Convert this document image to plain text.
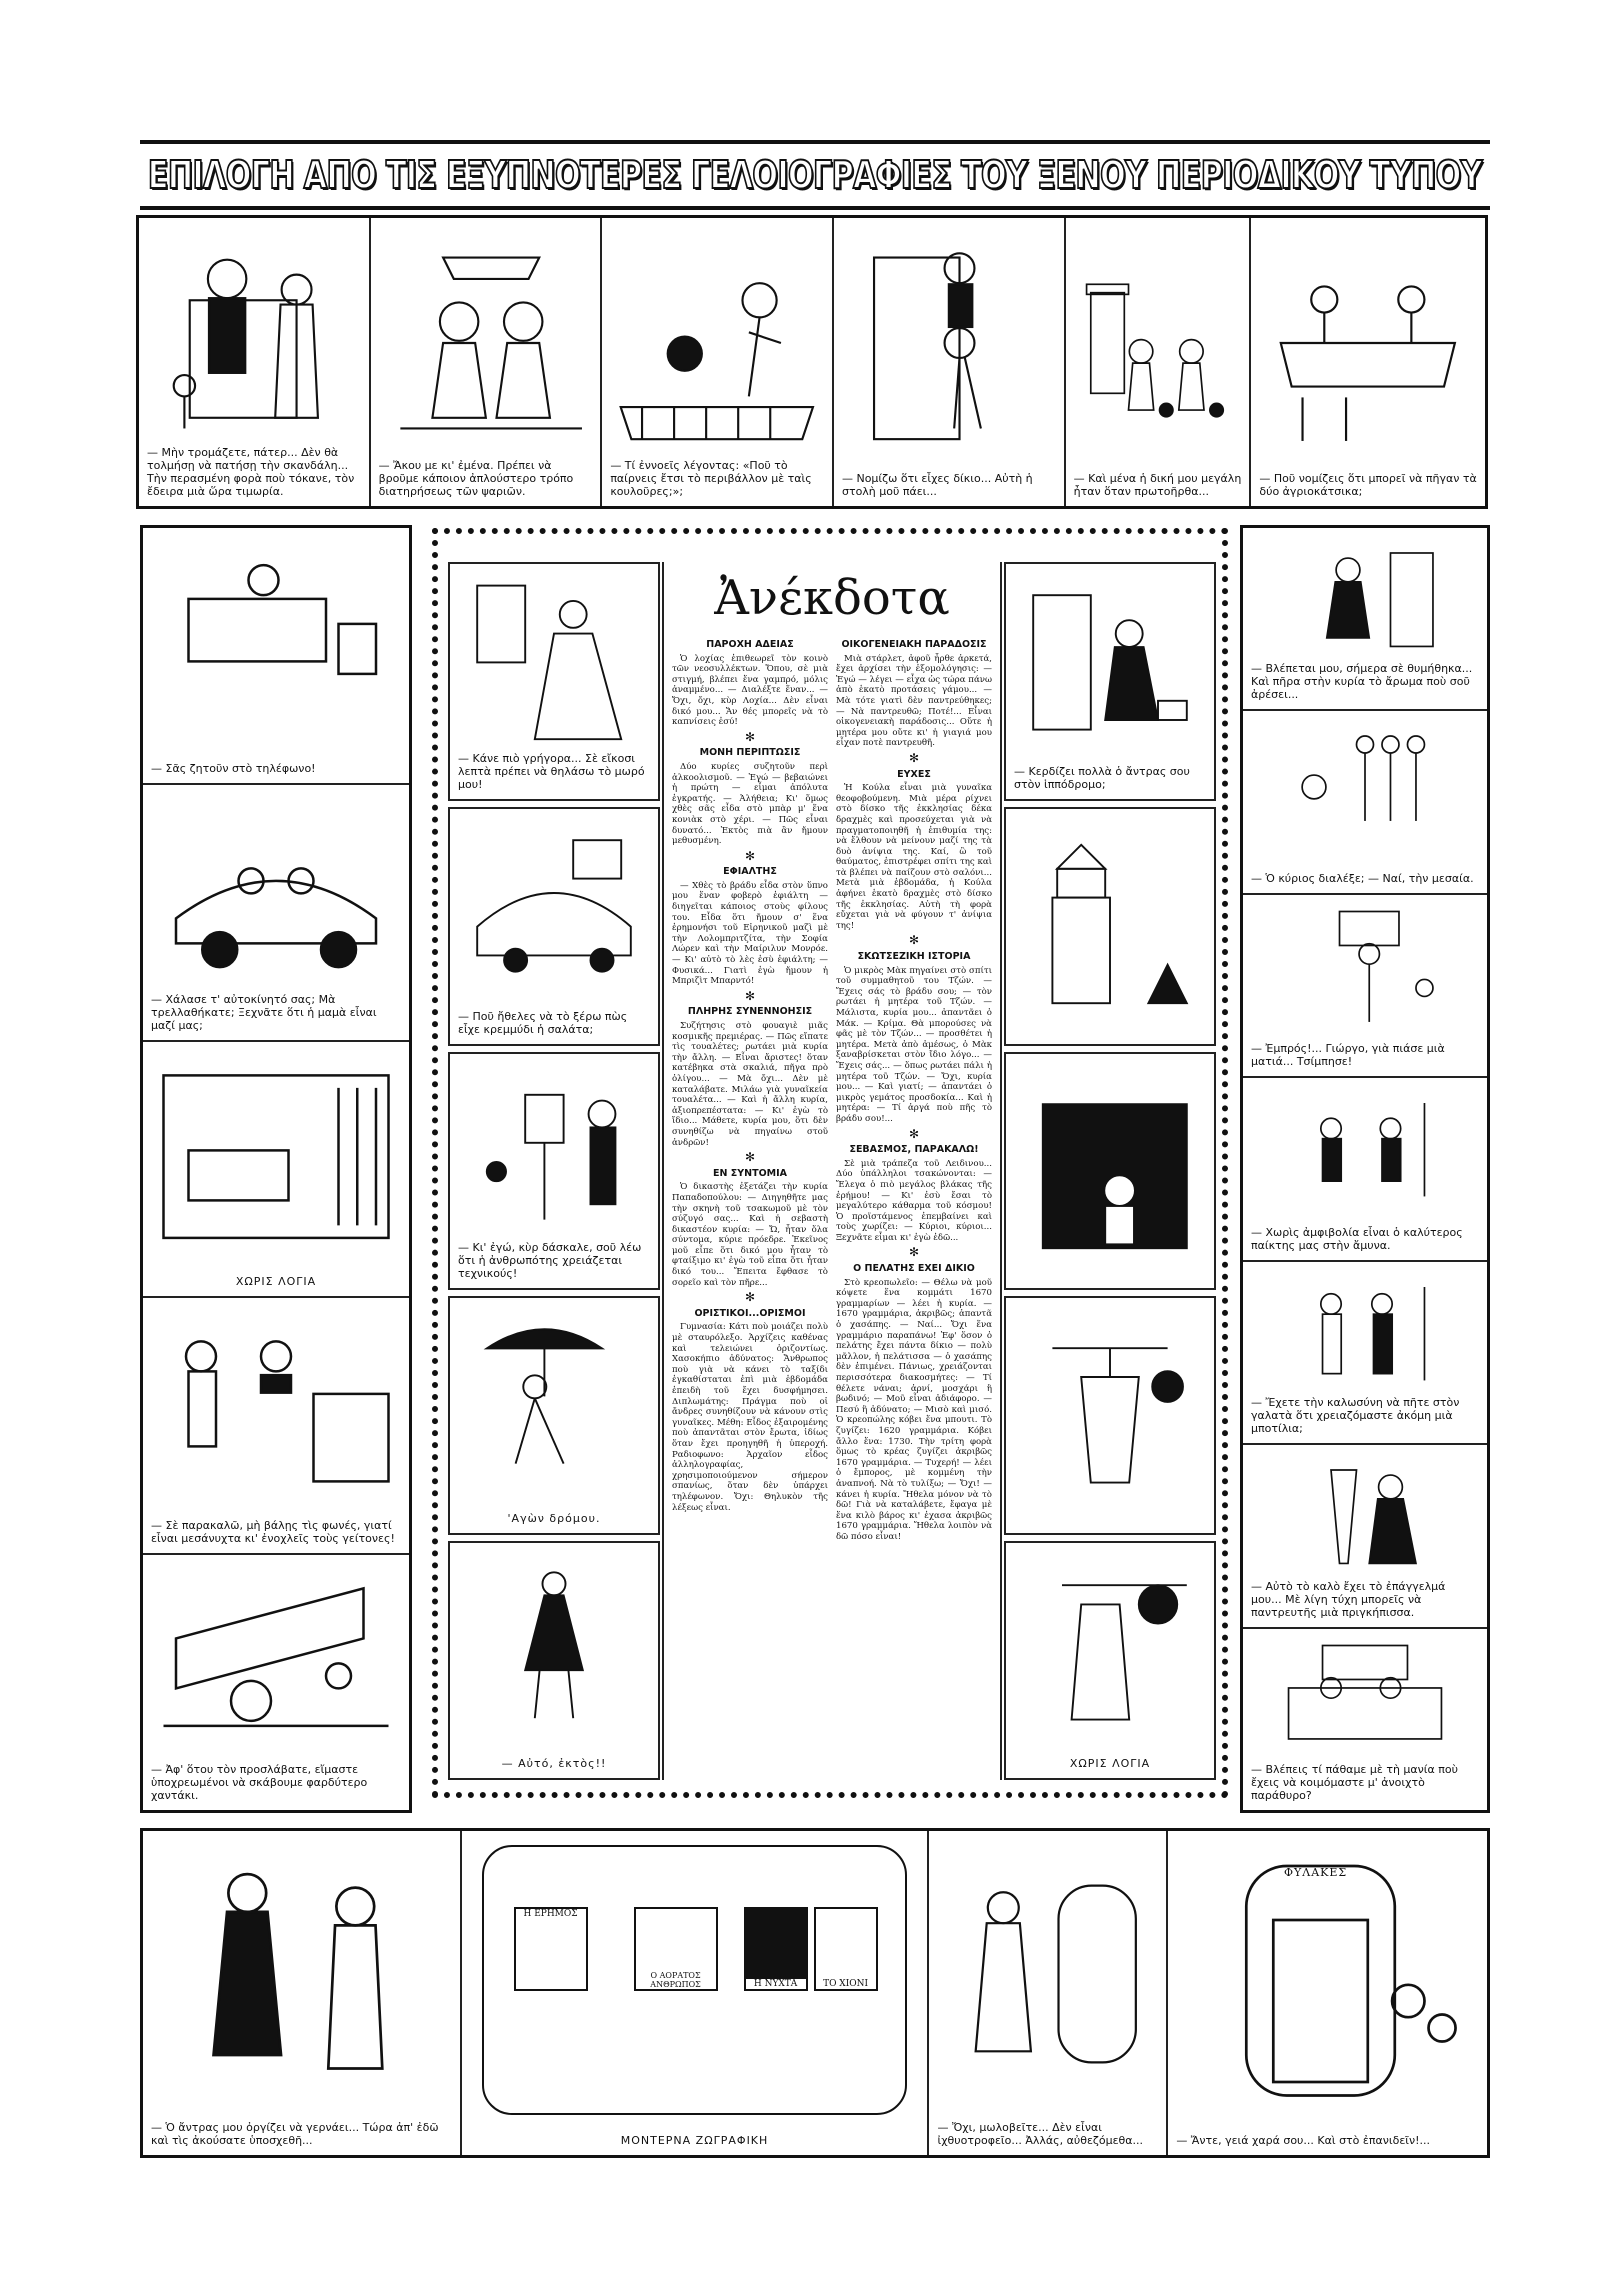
ΕΠΙΛΟΓΗ ΑΠΟ ΤΙΣ ΕΞΥΠΝΟΤΕΡΕΣ ΓΕΛΟΙΟΓΡΑΦΙΕΣ ΤΟΥ ΞΕΝΟΥ ΠΕΡΙΟΔΙΚΟΥ ΤΥΠΟΥ
— Μὴν τρομάζετε, πάτερ... Δὲν θὰ τολμήσῃ νὰ πατήσῃ τὴν σκανδάλη... Τὴν περασμένη φορὰ ποὺ τόκανε, τὸν ἔδειρα μιὰ ὥρα τιμωρία.
— Ἄκου με κι' ἐμένα. Πρέπει νὰ βροῦμε κάποιον ἀπλούστερο τρόπο διατηρήσεως τῶν ψαριῶν.
— Τί ἐννοεῖς λέγοντας: «Ποῦ τὸ παίρνεις ἔτσι τὸ περιβάλλον μὲ ταὶς κουλοῦρες;»;
— Νομίζω ὅτι εἶχες δίκιο... Αὐτὴ ἡ στολὴ μοῦ πάει...
— Καὶ μένα ἡ δική μου μεγάλη ἦταν ὅταν πρωτοῆρθα...
— Ποῦ νομίζεις ὅτι μπορεῖ νὰ πῆγαν τὰ δύο ἀγριοκάτσικα;
— Σᾶς ζητοῦν στὸ τηλέφωνο!
— Χάλασε τ' αὐτοκίνητό σας; Μὰ τρελλαθήκατε; Ξεχνᾶτε ὅτι ἡ μαμὰ εἶναι μαζί μας;
ΧΩΡΙΣ ΛΟΓΙΑ
— Σὲ παρακαλῶ, μὴ βάλῃς τὶς φωνές, γιατί εἶναι μεσάνυχτα κι' ἐνοχλεῖς τοὺς γείτονες!
— Ἀφ' ὅτου τὸν προσλάβατε, εἴμαστε ὑποχρεωμένοι νὰ σκάβουμε φαρδύτερο χαντάκι.
— Κάνε πιὸ γρήγορα... Σὲ εἴκοσι λεπτὰ πρέπει νὰ θηλάσω τὸ μωρό μου!
— Ποῦ ἤθελες νὰ τὸ ξέρω πὼς εἶχε κρεμμύδι ἡ σαλάτα;
— Κι' ἐγώ, κὺρ δάσκαλε, σοῦ λέω ὅτι ἡ ἀνθρωπότης χρειάζεται τεχνικούς!
'Αγὼν δρόμου.
— Αὐτό, ἐκτὸς!!
Ἀνέκδοτα
ΠΑΡΟΧΗ ΑΔΕΙΑΣ

Ὁ λοχίας ἐπιθεωρεῖ τὸν κοινὸ τῶν νεοσυλλέκτων. Ὅπου, σὲ μιὰ στιγμή, βλέπει ἕνα γαμπρό, μόλις ἀναμμένο... — Διαλέξτε ἕναν... — Ὄχι, ὄχι, κὺρ Λοχία... Δὲν εἶναι δικό μου... Ἄν θές μπορεῖς νὰ τὸ καπνίσεις ἐσύ!

✻
ΜΟΝΗ ΠΕΡΙΠΤΩΣΙΣ

Δύο κυρίες συζητοῦν περὶ ἀλκοολισμοῦ. — Ἐγώ — βεβαιώνει ἡ πρώτη — εἶμαι ἀπόλυτα ἐγκρατής. — Ἀλήθεια; Κι' ὅμως χθὲς σᾶς εἶδα στὸ μπὰρ μ' ἕνα κονιὰκ στὸ χέρι. — Πῶς εἶναι δυνατό... Ἐκτὸς πιὰ ἂν ἤμουν μεθυσμένη.

✻
ΕΦΙΑΛΤΗΣ

— Χθὲς τὸ βράδυ εἶδα στὸν ὕπνο μου ἕναν φοβερὸ ἐφιάλτη — διηγεῖται κάποιος στοὺς φίλους του. Εἶδα ὅτι ἤμουν σ' ἕνα ἐρημονήσι τοῦ Εἰρηνικοῦ μαζὶ μὲ τὴν Λολομπριτζίτα, τὴν Σοφία Λώρεν καὶ τὴν Μαίριλυν Μονρόε. — Κι' αὐτὸ τὸ λὲς ἐσὺ ἐφιάλτη; — Φυσικά... Γιατὶ ἐγὼ ἤμουν ἡ Μπριζὶτ Μπαρντό!

✻
ΠΛΗΡΗΣ ΣΥΝΕΝΝΟΗΣΙΣ

Συζήτησις στὸ φουαγιὲ μιᾶς κοσμικῆς πρεμιέρας. — Πῶς εἴπατε τὶς τουαλέτες; ρωτάει μιὰ κυρία τὴν ἄλλη. — Εἶναι ἄριστες! ὅταν κατέβηκα στὰ σκαλιά, πῆγα πρὸ ὀλίγου... — Μὰ ὄχι... Δὲν μὲ καταλάβατε. Μιλάω γιὰ γυναῖκεία τουαλέτα... — Καὶ ἡ ἄλλη κυρία, ἀξιοπρεπέστατα: — Κι' ἐγὼ τὸ ἴδιο... Μάθετε, κυρία μου, ὅτι δὲν συνηθίζω νὰ πηγαίνω στοῦ ἀνδρῶν!

✻
ΕΝ ΣΥΝΤΟΜΙΑ

Ὁ δικαστὴς ἐξετάζει τὴν κυρία Παπαδοπούλου: — Διηγηθῆτε μας τὴν σκηνὴ τοῦ τσακωμοῦ μὲ τὸν σύζυγό σας... Καὶ ἡ σεβαστὴ δικαστέον κυρία: — Ὤ, ἦταν ὅλα σύντομα, κύριε πρόεδρε. Ἐκεῖνος μοῦ εἶπε ὅτι δικό μου ἦταν τὸ φταίξιμο κι' ἐγὼ τοῦ εἶπα ὅτι ἦταν δικό του... Ἔπειτα ἔφθασε τὸ σορεῖο καὶ τὸν πῆρε...

✻
ΟΡΙΣΤΙΚΟΙ...ΟΡΙΣΜΟΙ

Γυμνασία: Κάτι ποὺ μοιάζει πολὺ μὲ σταυρόλεξο. Ἀρχίζεις καθένας καὶ τελειώνει ὁριζοντίως. Χασοκήπιο ἀδύνατος: Ἄνθρωπος ποὺ γιὰ νὰ κάνει τὸ ταξίδι ἐγκαθίσταται ἐπὶ μιὰ ἑβδομάδα ἐπειδὴ τοῦ ἔχει δυσφήμησει. Διπλωμάτης: Πράγμα ποὺ οἱ ἄνδρες συνηθίζουν νὰ κάνουν στὶς γυναῖκες. Μέθη: Εἶδος ἐξαιρομένης ποὺ ἀπαντᾶται στὸν ἔρωτα, ἰδίως ὅταν ἔχει προηγηθῆ ἡ ὑπεροχή. Ραδιοφωνο: Ἀρχαῖον εἶδος ἀλληλογραφίας, χρησιμοποιούμενον σήμερον σπανίως, ὅταν δὲν ὑπάρχει τηλέφωνον. Ὄχι: Θηλυκὸν τῆς λέξεως εἶναι.

ΟΙΚΟΓΕΝΕΙΑΚΗ ΠΑΡΑΔΟΣΙΣ

Μιὰ στάρλετ, ἀφοῦ ἦρθε ἀρκετά, ἔχει ἀρχίσει τὴν ἐξομολόγησις: — Ἐγώ — λέγει — εἶχα ὡς τώρα πάνω ἀπὸ ἑκατὸ προτάσεις γάμου... — Μὰ τότε γιατὶ δὲν παντρεύθηκες; — Νὰ παντρευθῶ; Ποτέ!... Εἶναι οἰκογενειακὴ παράδοσις... Οὔτε ἡ μητέρα μου οὔτε κι' ἡ γιαγιά μου εἶχαν ποτὲ παντρευθῆ.

✻
ΕΥΧΕΣ

Ἡ Κούλα εἶναι μιὰ γυναῖκα θεοφοβούμενη. Μιὰ μέρα ρίχνει στὸ δίσκο τῆς ἐκκλησίας δέκα δραχμὲς καὶ προσεύχεται γιὰ νὰ πραγματοποιηθῆ ἡ ἐπιθυμία της: νὰ ἔλθουν νὰ μείνουν μαζί της τὰ δυὸ ἀνίψια της. Καί, ὢ τοῦ θαύματος, ἐπιστρέφει σπίτι της καὶ τὰ βλέπει νὰ παίζουν στὸ σαλόνι... Μετὰ μιὰ ἑβδομάδα, ἡ Κούλα ἀφήνει ἑκατὸ δραχμὲς στὸ δίσκο τῆς ἐκκλησίας. Αὐτὴ τὴ φορὰ εὔχεται γιὰ νὰ φύγουν τ' ἀνίψια της!

✻
ΣΚΩΤΣΕΖΙΚΗ ΙΣΤΟΡΙΑ

Ὁ μικρὸς Μὰκ πηγαίνει στὸ σπίτι τοῦ συμμαθητοῦ του Τζών. — Ἔχεις σάς τὸ βράδυ σου; — τὸν ρωτάει ἡ μητέρα τοῦ Τζών. — Μάλιστα, κυρία μου... ἀπαντᾶει ὁ Μάκ. — Κρίμα. Θὰ μπορούσες νὰ φᾶς μὲ τὸν Τζών... — προσθέτει ἡ μητέρα. Μετὰ ἀπὸ ἀμέσως, ὁ Μὰκ ξαναβρίσκεται στὸν ἴδιο λόγο... — Ἔχεις σάς... — ὅπως ρωτάει πάλι ἡ μητέρα τοῦ Τζών. — Ὄχι, κυρία μου... — Καὶ γιατί; — ἀπαντάει ὁ μικρὸς γεμάτος προσδοκία... Καὶ ἡ μητέρα: — Τί ἀργά ποὺ πῆς τὸ βράδυ σου!...

✻
ΣΕΒΑΣΜΟΣ, ΠΑΡΑΚΑΛΩ!

Σὲ μιὰ τράπεζα τοῦ Λειδινου... Δύο ὑπάλληλοι τσακώνονται: — Ἔλεγα ὁ πιὸ μεγάλος βλάκας τῆς ἐρήμου! — Κι' ἐσὺ ἔσαι τὸ μεγαλύτερο κάθαρμα τοῦ κόσμου! Ὁ προϊστάμενος ἐπεμβαίνει καὶ τοὺς χωρίζει: — Κύριοι, κύριοι... Ξεχνᾶτε εἶμαι κι' ἐγὼ ἐδῶ...

✻
Ο ΠΕΛΑΤΗΣ ΕΧΕΙ ΔΙΚΙΟ

Στὸ κρεοπωλεῖο: — Θέλω νὰ μοῦ κόψετε ἕνα κομμάτι 1670 γραμμαρίων — λέει ἡ κυρία. — 1670 γραμμάρια, ἀκριβῶς; ἀπαντᾶ ὁ χασάπης. — Ναί... Ὄχι ἕνα γραμμάριο παραπάνω! Ἐφ' ὅσον ὁ πελάτης ἔχει πάντα δίκιο — πολὺ μᾶλλον, ἡ πελάτισσα — ὁ χασάπης δὲν ἐπιμένει. Πάνιως, χρειάζονται περισσότερα διακοσμήτες: — Τί θέλετε νάναι; ἀρνί, μοσχάρι ἢ βωδινό; — Μοῦ εἶναι ἀδιάφορο. — Πεσύ ἢ ἀδύνατο; — Μισὸ καὶ μισό. Ὁ κρεοπώλης κόβει ἕνα μπουτι. Τὸ ζυγίζει: 1620 γραμμάρια. Κόβει ἄλλο ἕνα: 1730. Τὴν τρίτη φορὰ ὅμως τὸ κρέας ζυγίζει ἀκριβῶς 1670 γραμμάρια. — Τυχερή! — λέει ὁ ἔμπορος, μὲ κομμένη τὴν ἀναπνοή. Νὰ τὸ τυλίξω; — Ὄχι! — κάνει ἡ κυρία. Ἤθελα μόνον νὰ τὸ δῶ! Γιὰ νὰ καταλάβετε, ἔφαγα μὲ ἕνα κιλὸ βάρος κι' ἐχασα ἀκριβῶς 1670 γραμμάρια. Ἤθελα λοιπὸν νὰ δῶ πόσο εἶναι!

— Κερδίζει πολλὰ ὁ ἄντρας σου στὸν ἱππόδρομο;
ΧΩΡΙΣ ΛΟΓΙΑ
— Βλέπεται μου, σήμερα σὲ θυμήθηκα... Καὶ πῆρα στὴν κυρία τὸ ἄρωμα ποὺ σοῦ ἀρέσει...
— Ὁ κύριος διαλέξε; — Ναί, τὴν μεσαία.
— Ἐμπρός!... Γιώργο, γιὰ πιάσε μιὰ ματιά... Τσίμπησε!
— Χωρὶς ἀμφιβολία εἶναι ὁ καλύτερος παίκτης μας στὴν ἄμυνα.
— Ἔχετε τὴν καλωσύνη νὰ πῆτε στὸν γαλατὰ ὅτι χρειαζόμαστε ἀκόμη μιὰ μποτίλια;
— Αὐτὸ τὸ καλὸ ἔχει τὸ ἐπάγγελμά μου... Μὲ λίγη τύχη μπορεῖς νὰ παντρευτῆς μιὰ πριγκήπισσα.
— Βλέπεις τί πάθαμε μὲ τὴ μανία ποὺ ἔχεις νὰ κοιμόμαστε μ' ἀνοιχτὸ παράθυρο?
— Ὁ ἄντρας μου ὀργίζει νὰ γερνάει... Τώρα ἀπ' ἐδῶ καὶ τὶς ἀκούσατε ὑποσχεθῆ...
Η ΕΡΗΜΟΣ
Ο ΑΟΡΑΤΟΣ ΑΝΘΡΩΠΟΣ	Η ΝΥΧΤΑ	ΤΟ ΧΙΟΝΙ
ΜΟΝΤΕΡΝΑ ΖΩΓΡΑΦΙΚΗ
— Ὄχι, μωλοβεῖτε... Δὲν εἶναι ἰχθυοτροφεῖο... Ἀλλάς, αὐθεζόμεθα...
ΦΥΛΑΚΕΣ
— Ἄντε, γειά χαρά σου... Καὶ στὸ ἐπανιδεῖν!...
